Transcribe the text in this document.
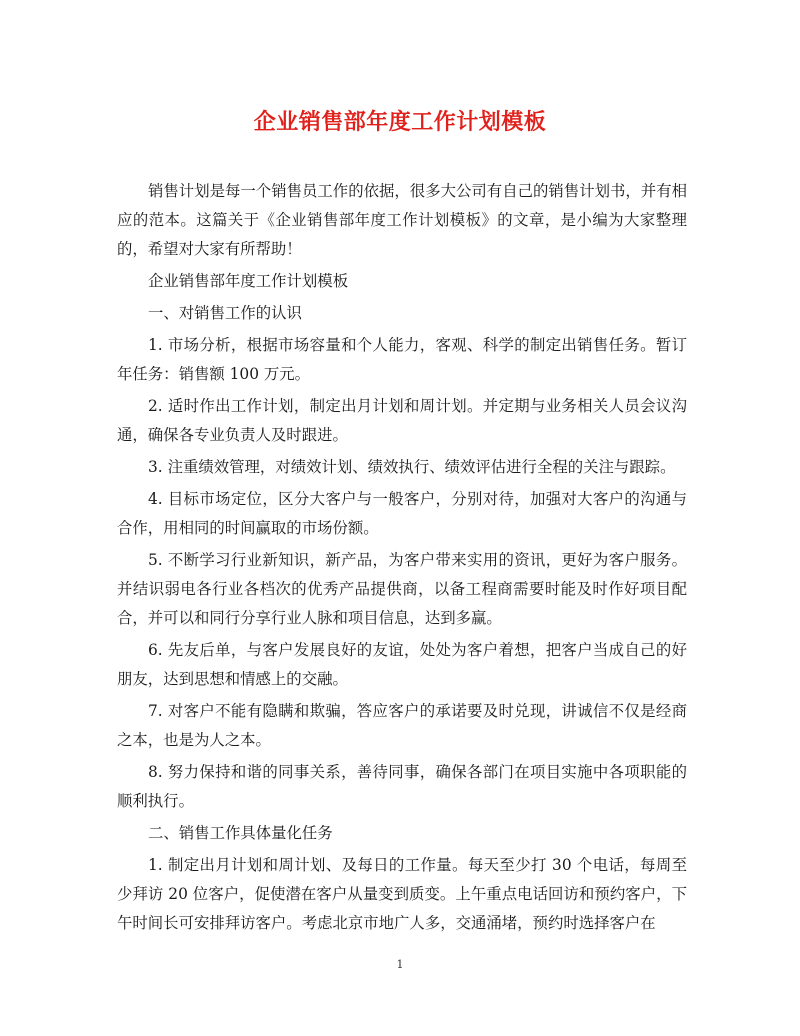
企业销售部年度工作计划模板

销售计划是每一个销售员工作的依据，很多大公司有自己的销售计划书，并有相应的范本。这篇关于《企业销售部年度工作计划模板》的文章，是小编为大家整理的，希望对大家有所帮助！

企业销售部年度工作计划模板

一、对销售工作的认识

1. 市场分析，根据市场容量和个人能力，客观、科学的制定出销售任务。暂订年任务：销售额 100 万元。

2. 适时作出工作计划，制定出月计划和周计划。并定期与业务相关人员会议沟通，确保各专业负责人及时跟进。

3. 注重绩效管理，对绩效计划、绩效执行、绩效评估进行全程的关注与跟踪。

4. 目标市场定位，区分大客户与一般客户，分别对待，加强对大客户的沟通与合作，用相同的时间赢取的市场份额。

5. 不断学习行业新知识，新产品，为客户带来实用的资讯，更好为客户服务。并结识弱电各行业各档次的优秀产品提供商，以备工程商需要时能及时作好项目配合，并可以和同行分享行业人脉和项目信息，达到多赢。

6. 先友后单，与客户发展良好的友谊，处处为客户着想，把客户当成自己的好朋友，达到思想和情感上的交融。

7. 对客户不能有隐瞒和欺骗，答应客户的承诺要及时兑现，讲诚信不仅是经商之本，也是为人之本。

8. 努力保持和谐的同事关系，善待同事，确保各部门在项目实施中各项职能的顺利执行。

二、销售工作具体量化任务

1. 制定出月计划和周计划、及每日的工作量。每天至少打 30 个电话，每周至少拜访 20 位客户，促使潜在客户从量变到质变。上午重点电话回访和预约客户，下午时间长可安排拜访客户。考虑北京市地广人多，交通涌堵，预约时选择客户在

1
